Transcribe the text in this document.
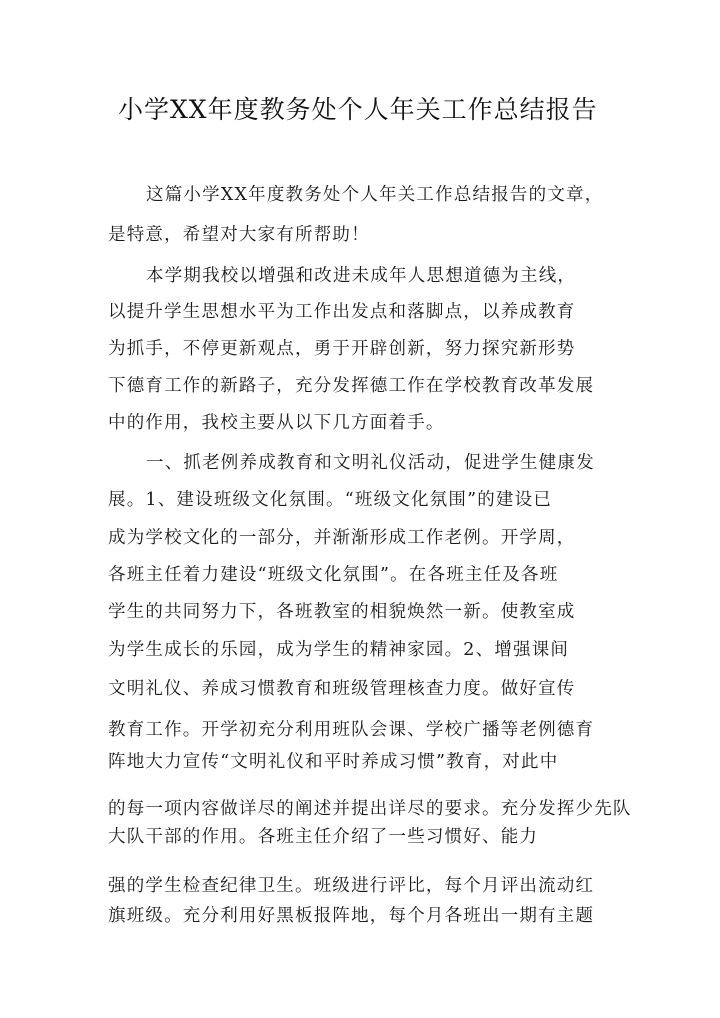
小学XX年度教务处个人年关工作总结报告
这篇小学XX年度教务处个人年关工作总结报告的文章，
是特意，希望对大家有所帮助！
本学期我校以增强和改进未成年人思想道德为主线，
以提升学生思想水平为工作出发点和落脚点，以养成教育
为抓手，不停更新观点，勇于开辟创新，努力探究新形势
下德育工作的新路子，充分发挥德工作在学校教育改革发展
中的作用，我校主要从以下几方面着手。
一、抓老例养成教育和文明礼仪活动，促进学生健康发
展。1、建设班级文化氛围。“班级文化氛围”的建设已
成为学校文化的一部分，并渐渐形成工作老例。开学周，
各班主任着力建设“班级文化氛围”。在各班主任及各班
学生的共同努力下，各班教室的相貌焕然一新。使教室成
为学生成长的乐园，成为学生的精神家园。2、增强课间
文明礼仪、养成习惯教育和班级管理核查力度。做好宣传
教育工作。开学初充分利用班队会课、学校广播等老例德育
阵地大力宣传“文明礼仪和平时养成习惯”教育，对此中
的每一项内容做详尽的阐述并提出详尽的要求。充分发挥少先队
大队干部的作用。各班主任介绍了一些习惯好、能力
强的学生检查纪律卫生。班级进行评比，每个月评出流动红
旗班级。充分利用好黑板报阵地，每个月各班出一期有主题
